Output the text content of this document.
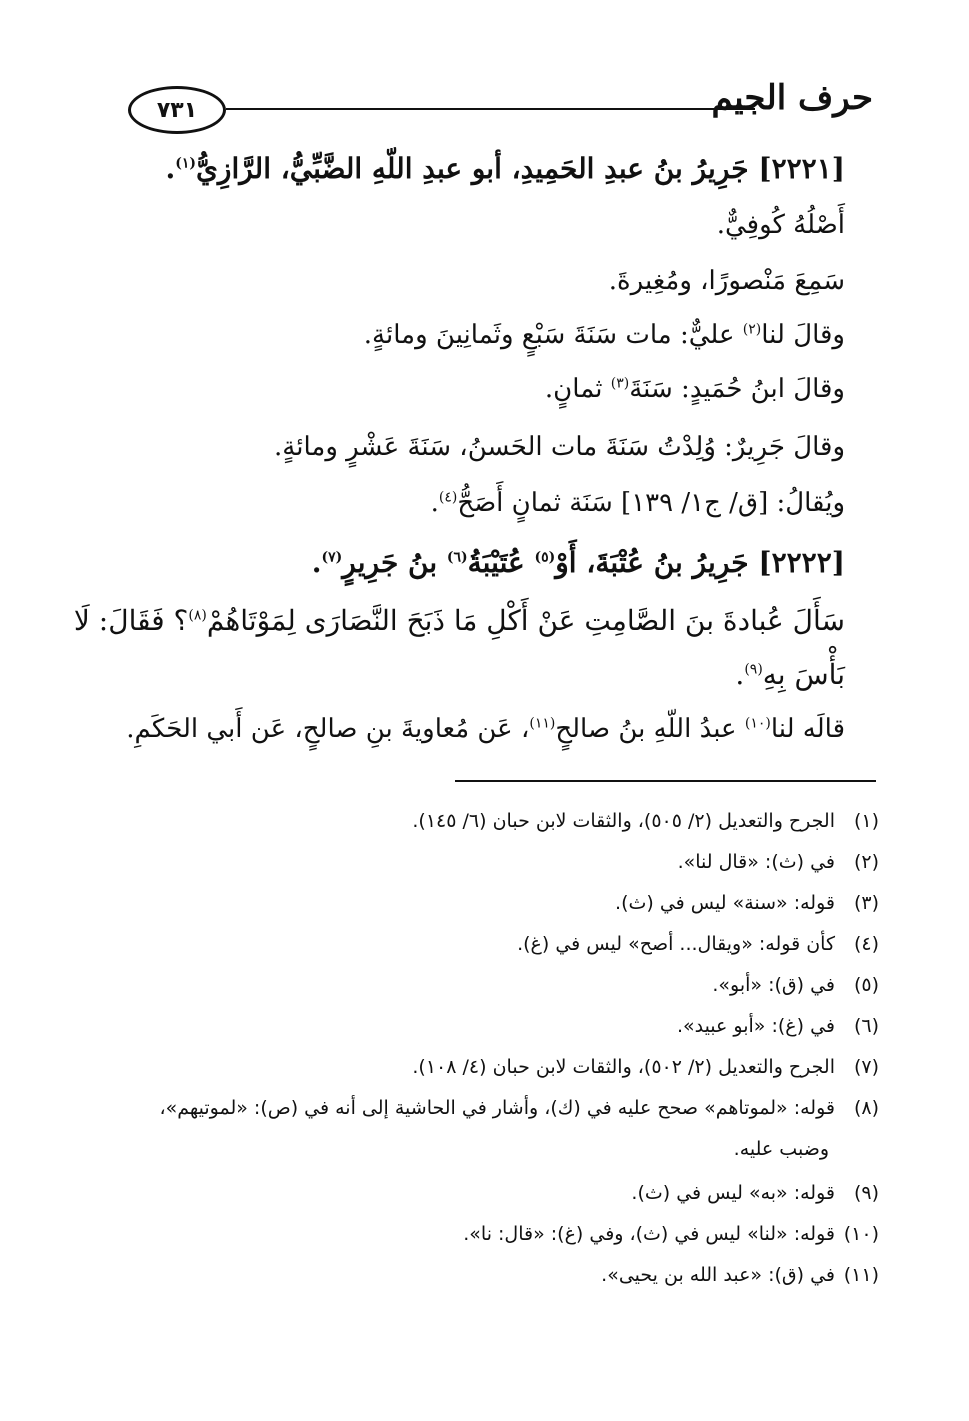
٧٣١	حرف الجيم
[٢٢٢١] جَرِيرُ بنُ عبدِ الحَمِيدِ، أبو عبدِ اللّهِ الضَّبِّيُّ، الرَّازِيُّ$^{(١)}$.
أَصْلُهُ كُوفِيٌّ.
سَمِعَ مَنْصورًا، ومُغِيرةَ.
وقالَ لنا$^{(٢)}$ عليٌّ: مات سَنَةَ سَبْعٍ وثَمانِينَ ومائةٍ.
وقالَ ابنُ حُمَيدٍ: سَنَةَ$^{(٣)}$ ثمانٍ.
وقالَ جَرِيرٌ: وُلِدْتُ سَنَةَ مات الحَسنُ، سَنَةَ عَشْرٍ ومائةٍ.
ويُقالُ: [ق/ ج١/ ١٣٩] سَنَة ثمانٍ أَصَحُّ$^{(٤)}$.
[٢٢٢٢] جَرِيرُ بنُ عُتْبَةَ، أَوْ$^{(٥)}$ عُتَيْبَةُ$^{(٦)}$ بنُ جَرِيرٍ$^{(٧)}$.
سَأَلَ عُبادةَ بنَ الصَّامِتِ عَنْ أَكْلِ مَا ذَبَحَ النَّصَارَى لِمَوْتَاهُمْ$^{(٨)}$؟ فَقَالَ: لَا
بَأْسَ بِهِ$^{(٩)}$.
قالَه لنا$^{(١٠)}$ عبدُ اللّهِ بنُ صالحٍ$^{(١١)}$، عَن مُعاويةَ بنِ صالحٍ، عَن أَبي الحَكَمِ.
(١)الجرح والتعديل (٢/ ٥٠٥)، والثقات لابن حبان (٦/ ١٤٥).
(٢)في (ث): «قال لنا».
(٣)قوله: «سنة» ليس في (ث).
(٤)كأن قوله: «ويقال... أصح» ليس في (غ).
(٥)في (ق): «أبو».
(٦)في (غ): «أبو عبيد».
(٧)الجرح والتعديل (٢/ ٥٠٢)، والثقات لابن حبان (٤/ ١٠٨).
(٨)قوله: «لموتاهم» صحح عليه في (ك)، وأشار في الحاشية إلى أنه في (ص): «لموتيهم»،
وضبب عليه.
(٩)قوله: «به» ليس في (ث).
(١٠)قوله: «لنا» ليس في (ث)، وفي (غ): «قال: نا».
(١١)في (ق): «عبد الله بن يحيى».
